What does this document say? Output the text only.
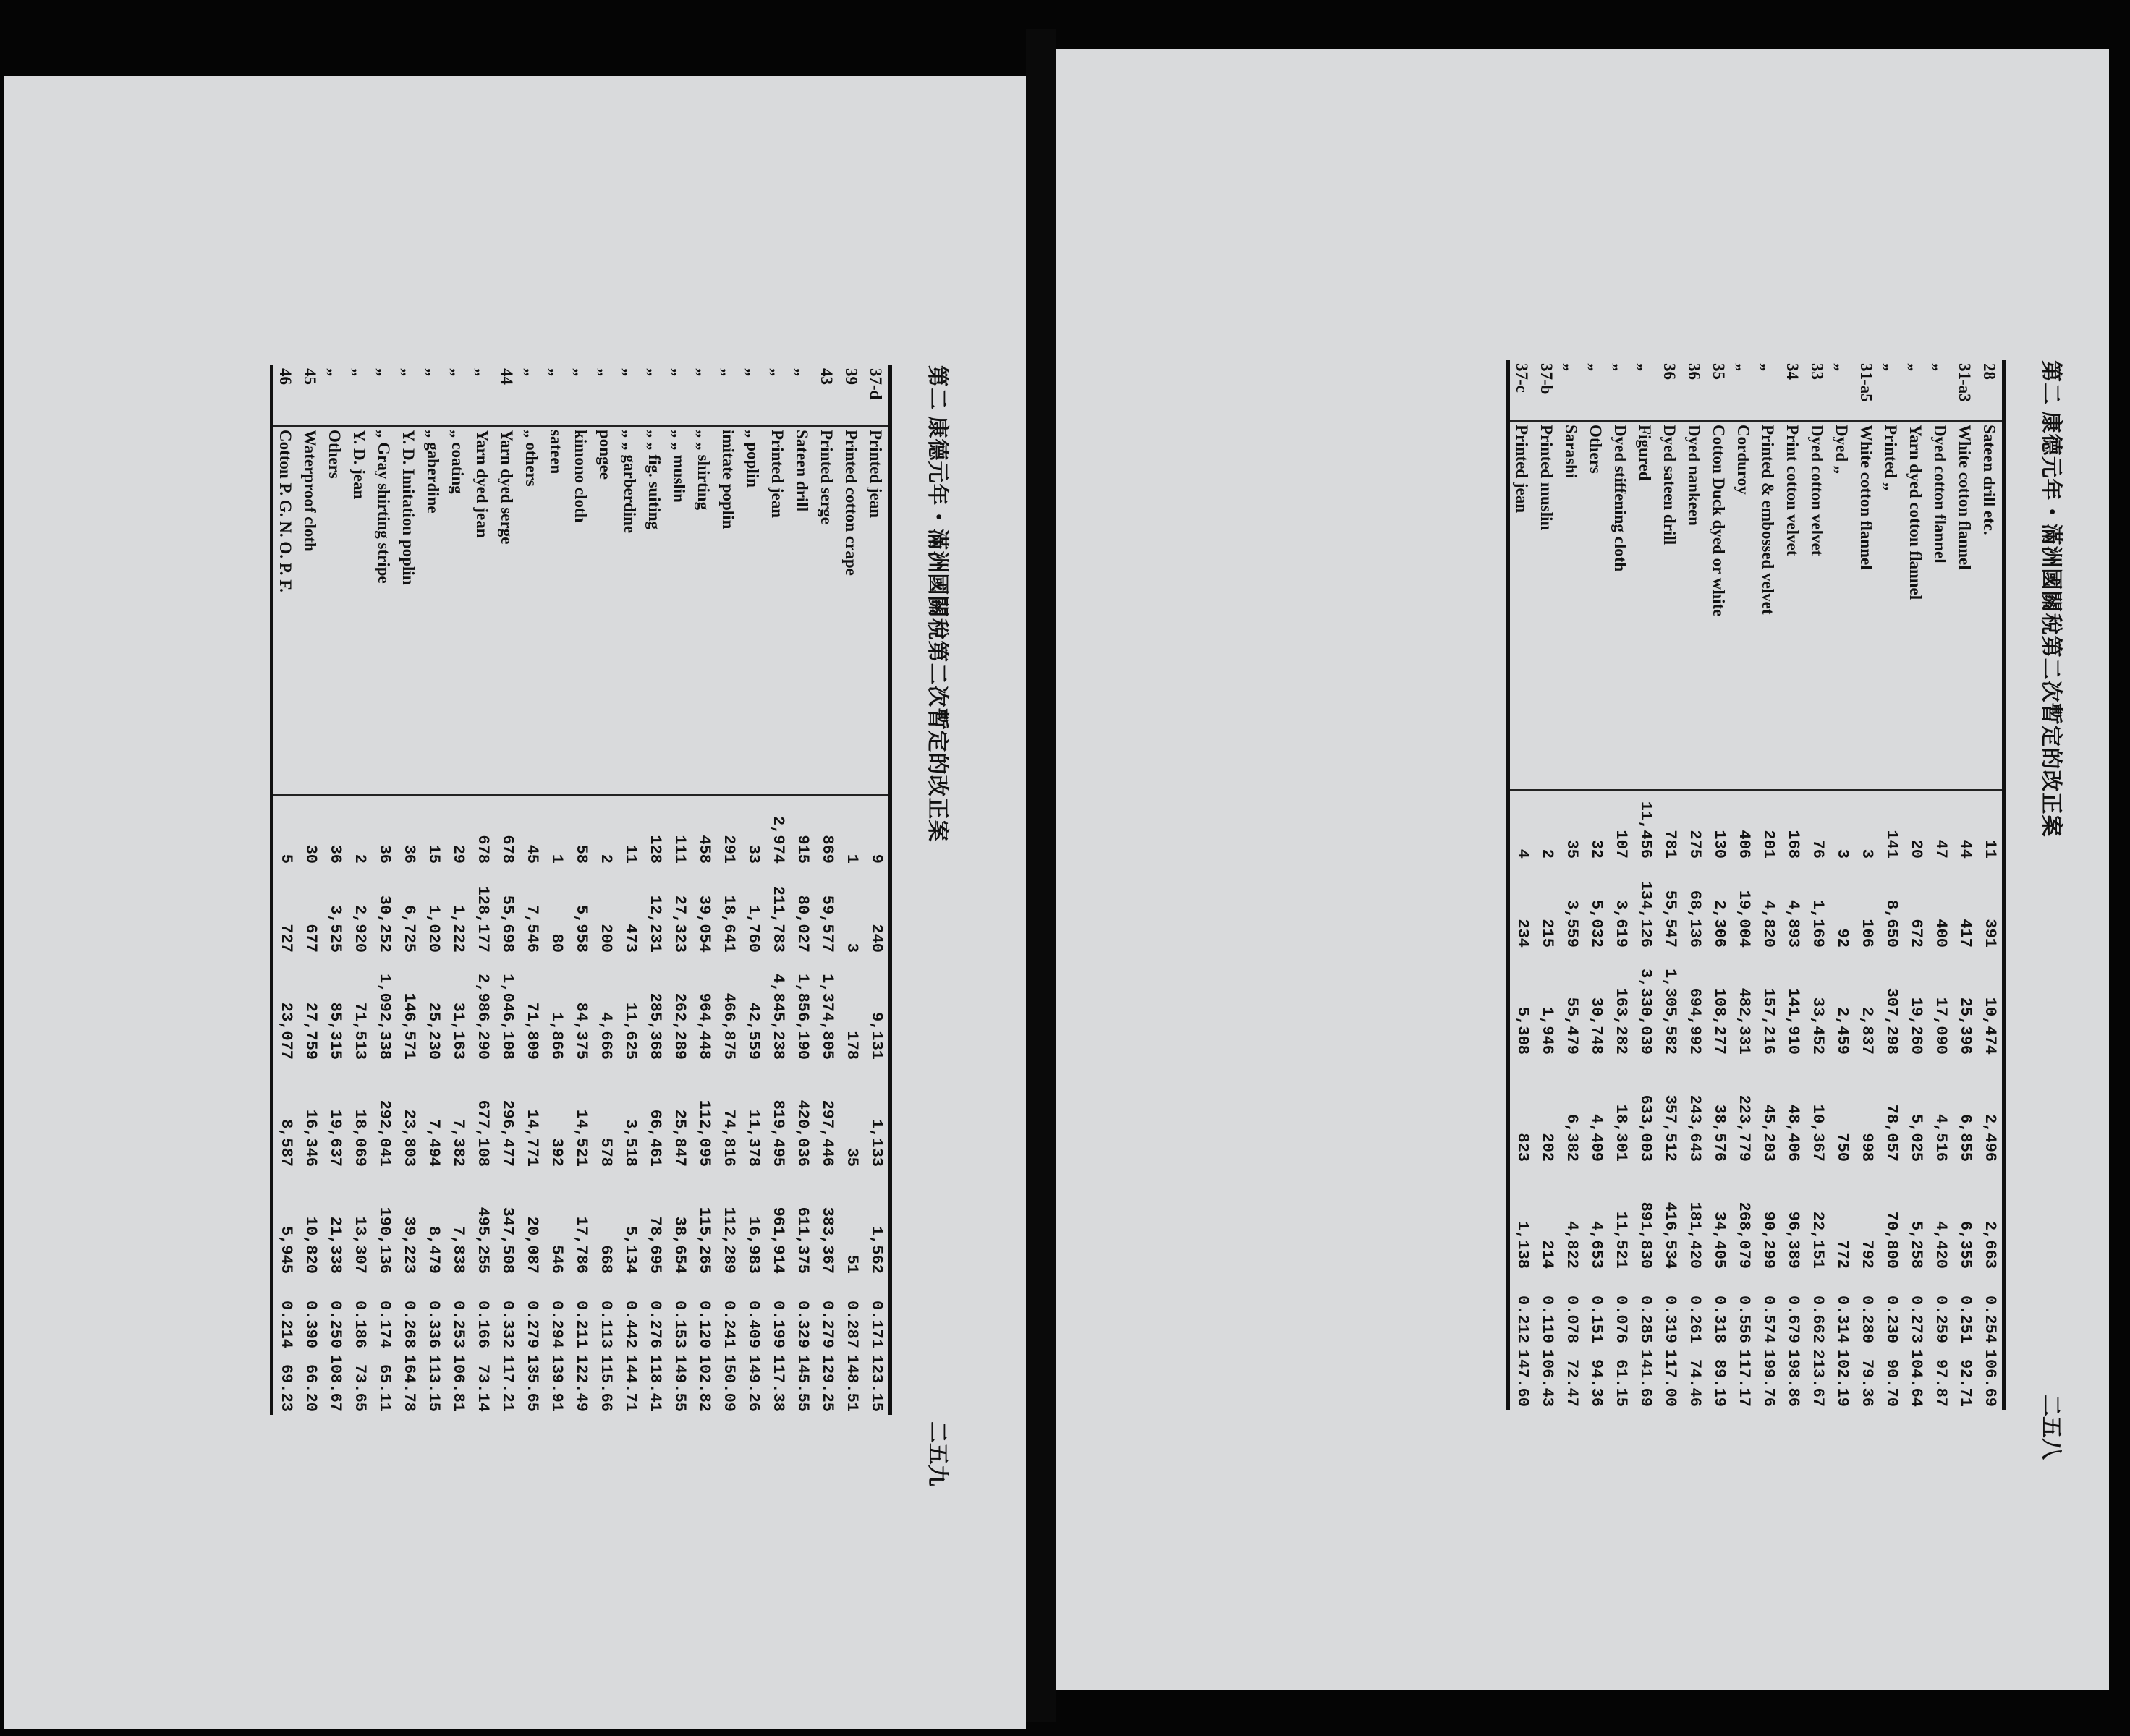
第二 康德元年・滿洲國關稅第二次暫定的改正案
二五九
37-d	Printed jean	9	240	9,131	1,133	1,562	0.171	123.15
39	Printed cotton crape	1	3	178	35	51	0.287	148.51
43	Printed serge	869	59,577	1,374,805	297,446	383,367	0.279	129.25
„	Sateen drill	915	80,027	1,856,190	420,036	611,375	0.329	145.55
„	Printed jean	2,974	211,783	4,845,238	819,495	961,914	0.199	117.38
„	„ poplin	33	1,760	42,559	11,378	16,983	0.409	149.26
„	imitate poplin	291	18,641	466,875	74,816	112,289	0.241	150.09
„	„ „ shirting	458	39,054	964,448	112,095	115,265	0.120	102.82
„	„ „ muslin	111	27,323	262,289	25,847	38,654	0.153	149.55
„	„ „ fig. suiting	128	12,231	285,368	66,461	78,695	0.276	118.41
„	„ „ garberdine	11	473	11,625	3,518	5,134	0.442	144.71
„	pongee	2	200	4,666	578	668	0.113	115.66
„	kimono cloth	58	5,958	84,375	14,521	17,786	0.211	122.49
„	sateen	1	80	1,866	392	546	0.294	139.91
„	„ others	45	7,546	71,809	14,771	20,087	0.279	135.65
44	Yarn dyed serge	678	55,698	1,046,108	296,477	347,508	0.332	117.21
„	Yarn dyed jean	678	128,177	2,986,290	677,108	495,255	0.166	73.14
„	„ coating	29	1,222	31,163	7,382	7,838	0.253	106.81
„	„ gaberdine	15	1,020	25,230	7,494	8,479	0.336	113.15
„	Y. D. Imitation poplin	36	6,725	146,571	23,803	39,223	0.268	164.78
„	„ Gray shirting stripe	36	30,252	1,092,338	292,041	190,136	0.174	65.11
„	Y. D. jean	2	2,920	71,513	18,069	13,307	0.186	73.65
„	Others	36	3,525	85,315	19,637	21,338	0.250	108.67
45	Waterproof cloth	30	677	27,759	16,346	10,820	0.390	66.20
46	Cotton P. G. N. O. P. F.	5	727	23,077	8,587	5,945	0.214	69.23
第二 康德元年・滿洲國關稅第二次暫定的改正案
二五八
28	Sateen drill etc.	11	391	10,474	2,496	2,663	0.254	106.69
31-a3	White cotton flannel	44	417	25,396	6,855	6,355	0.251	92.71
„	Dyed cotton flannel	47	400	17,090	4,516	4,420	0.259	97.87
„	Yarn dyed cotton flannel	20	672	19,260	5,025	5,258	0.273	104.64
„	Printed „	141	8,650	307,298	78,057	70,800	0.230	90.70
31-a5	White cotton flannel	3	106	2,837	998	792	0.280	79.36
„	Dyed „	3	92	2,459	750	772	0.314	102.19
33	Dyed cotton velvet	76	1,169	33,452	10,367	22,151	0.662	213.67
34	Print cotton velvet	168	4,893	141,910	48,406	96,389	0.679	198.86
„	Printed & embossed velvet	201	4,820	157,216	45,203	90,299	0.574	199.76
„	Corduroy	406	19,004	482,331	223,779	268,079	0.556	117.17
35	Cotton Duck dyed or white	130	2,306	108,277	38,576	34,405	0.318	89.19
36	Dyed nankeen	275	68,136	694,992	243,643	181,420	0.261	74.46
36	Dyed sateen drill	781	55,547	1,305,582	357,512	416,534	0.319	117.00
„	Figured	11,456	134,126	3,330,039	633,003	891,830	0.285	141.69
„	Dyed stiffening cloth	107	3,619	163,282	18,301	11,521	0.076	61.15
„	Others	32	5,032	30,748	4,409	4,653	0.151	94.36
„	Sarashi	35	3,559	55,479	6,382	4,822	0.078	72.47
37-b	Printed muslin	2	215	1,946	202	214	0.110	106.43
37-c	Printed jean	4	234	5,308	823	1,138	0.212	147.60
